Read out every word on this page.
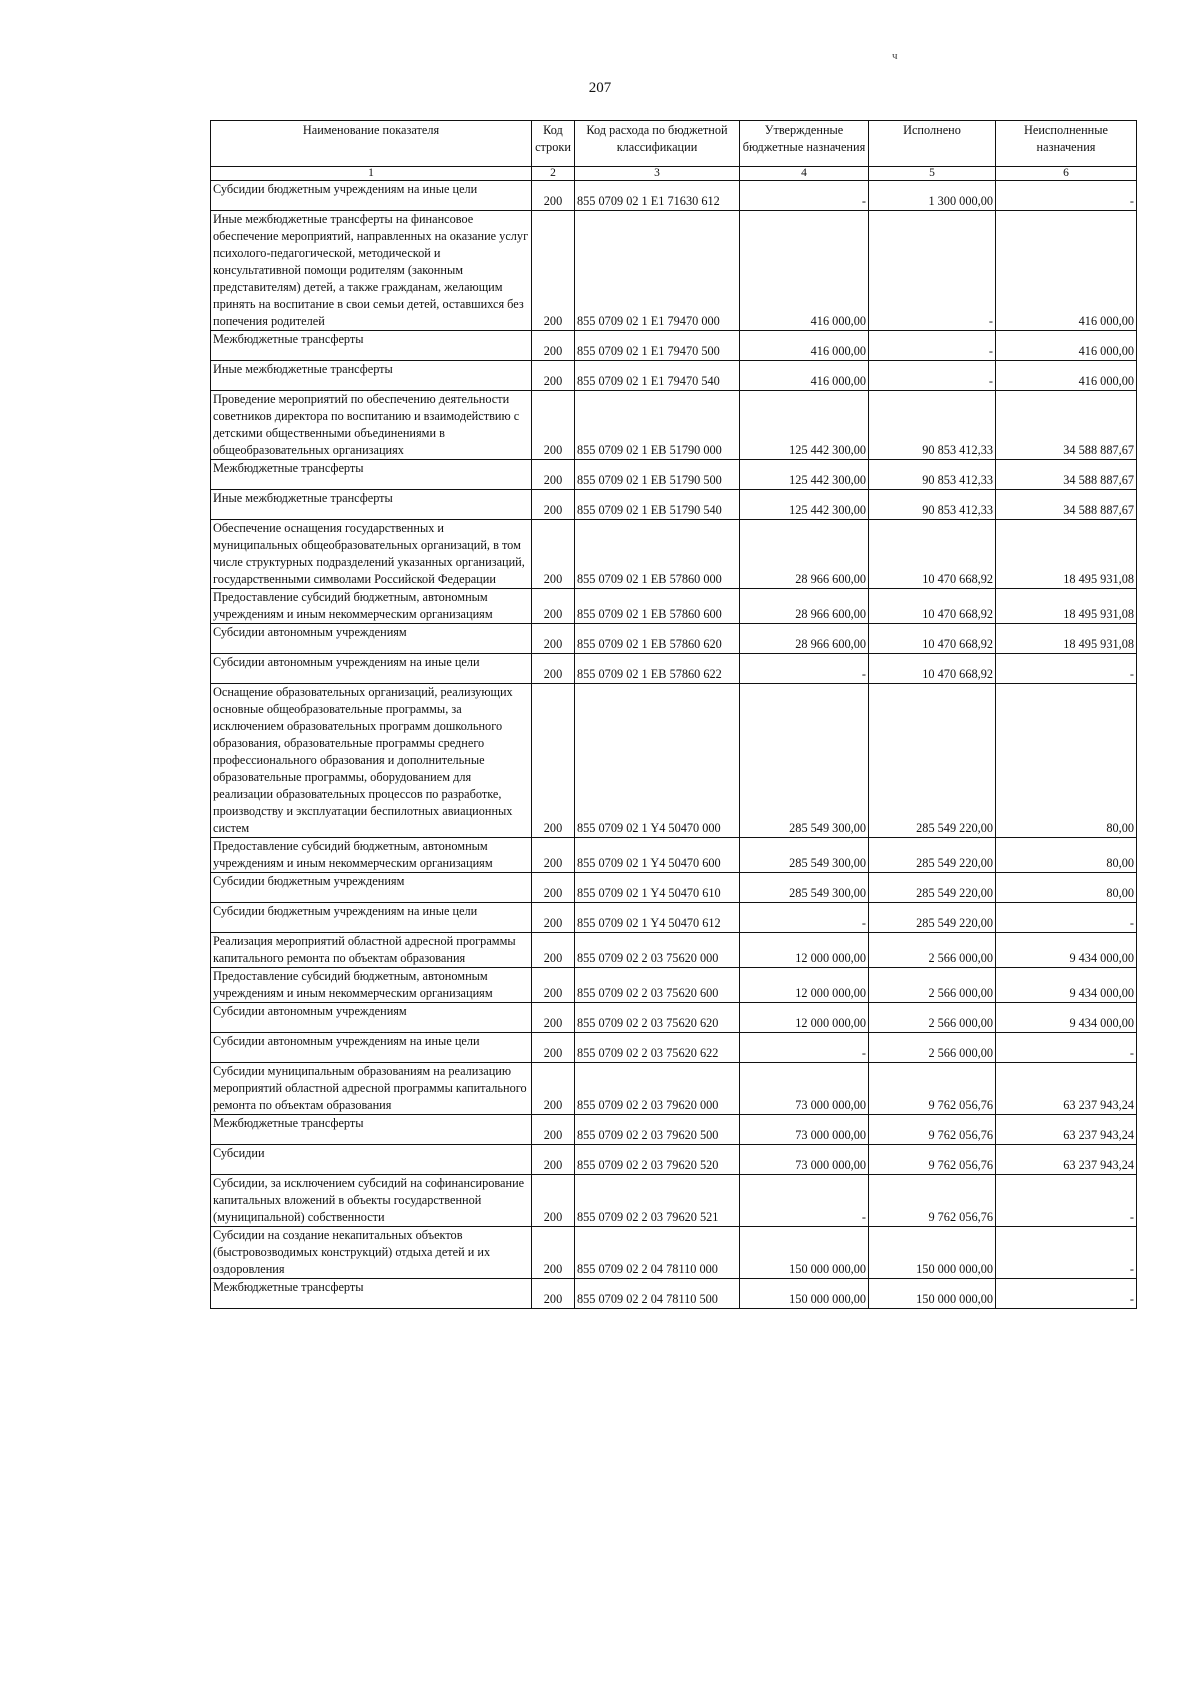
ч
207
Наименование показателя	Код строки	Код расхода по бюджетной классификации	Утвержденные бюджетные назначения	Исполнено	Неисполненные назначения
1	2	3	4	5	6
Субсидии бюджетным учреждениям на иные цели	200	855 0709 02 1 E1 71630 612	-	1 300 000,00	-
Иные межбюджетные трансферты на финансовое обеспечение мероприятий, направленных на оказание услуг психолого-педагогической, методической и консультативной помощи родителям (законным представителям) детей, а также гражданам, желающим принять на воспитание в свои семьи детей, оставшихся без попечения родителей	200	855 0709 02 1 E1 79470 000	416 000,00	-	416 000,00
Межбюджетные трансферты	200	855 0709 02 1 E1 79470 500	416 000,00	-	416 000,00
Иные межбюджетные трансферты	200	855 0709 02 1 E1 79470 540	416 000,00	-	416 000,00
Проведение мероприятий по обеспечению деятельности советников директора по воспитанию и взаимодействию с детскими общественными объединениями в общеобразовательных организациях	200	855 0709 02 1 EB 51790 000	125 442 300,00	90 853 412,33	34 588 887,67
Межбюджетные трансферты	200	855 0709 02 1 EB 51790 500	125 442 300,00	90 853 412,33	34 588 887,67
Иные межбюджетные трансферты	200	855 0709 02 1 EB 51790 540	125 442 300,00	90 853 412,33	34 588 887,67
Обеспечение оснащения государственных и муниципальных общеобразовательных организаций, в том числе структурных подразделений указанных организаций, государственными символами Российской Федерации	200	855 0709 02 1 EB 57860 000	28 966 600,00	10 470 668,92	18 495 931,08
Предоставление субсидий бюджетным, автономным учреждениям и иным некоммерческим организациям	200	855 0709 02 1 EB 57860 600	28 966 600,00	10 470 668,92	18 495 931,08
Субсидии автономным учреждениям	200	855 0709 02 1 EB 57860 620	28 966 600,00	10 470 668,92	18 495 931,08
Субсидии автономным учреждениям на иные цели	200	855 0709 02 1 EB 57860 622	-	10 470 668,92	-
Оснащение образовательных организаций, реализующих основные общеобразовательные программы, за исключением образовательных программ дошкольного образования, образовательные программы среднего профессионального образования и дополнительные образовательные программы, оборудованием для реализации образовательных процессов по разработке, производству и эксплуатации беспилотных авиационных систем	200	855 0709 02 1 Y4 50470 000	285 549 300,00	285 549 220,00	80,00
Предоставление субсидий бюджетным, автономным учреждениям и иным некоммерческим организациям	200	855 0709 02 1 Y4 50470 600	285 549 300,00	285 549 220,00	80,00
Субсидии бюджетным учреждениям	200	855 0709 02 1 Y4 50470 610	285 549 300,00	285 549 220,00	80,00
Субсидии бюджетным учреждениям на иные цели	200	855 0709 02 1 Y4 50470 612	-	285 549 220,00	-
Реализация мероприятий областной адресной программы капитального ремонта по объектам образования	200	855 0709 02 2 03 75620 000	12 000 000,00	2 566 000,00	9 434 000,00
Предоставление субсидий бюджетным, автономным учреждениям и иным некоммерческим организациям	200	855 0709 02 2 03 75620 600	12 000 000,00	2 566 000,00	9 434 000,00
Субсидии автономным учреждениям	200	855 0709 02 2 03 75620 620	12 000 000,00	2 566 000,00	9 434 000,00
Субсидии автономным учреждениям на иные цели	200	855 0709 02 2 03 75620 622	-	2 566 000,00	-
Субсидии муниципальным образованиям на реализацию мероприятий областной адресной программы капитального ремонта по объектам образования	200	855 0709 02 2 03 79620 000	73 000 000,00	9 762 056,76	63 237 943,24
Межбюджетные трансферты	200	855 0709 02 2 03 79620 500	73 000 000,00	9 762 056,76	63 237 943,24
Субсидии	200	855 0709 02 2 03 79620 520	73 000 000,00	9 762 056,76	63 237 943,24
Субсидии, за исключением субсидий на софинансирование капитальных вложений в объекты государственной (муниципальной) собственности	200	855 0709 02 2 03 79620 521	-	9 762 056,76	-
Субсидии на создание некапитальных объектов (быстровозводимых конструкций) отдыха детей и их оздоровления	200	855 0709 02 2 04 78110 000	150 000 000,00	150 000 000,00	-
Межбюджетные трансферты	200	855 0709 02 2 04 78110 500	150 000 000,00	150 000 000,00	-
